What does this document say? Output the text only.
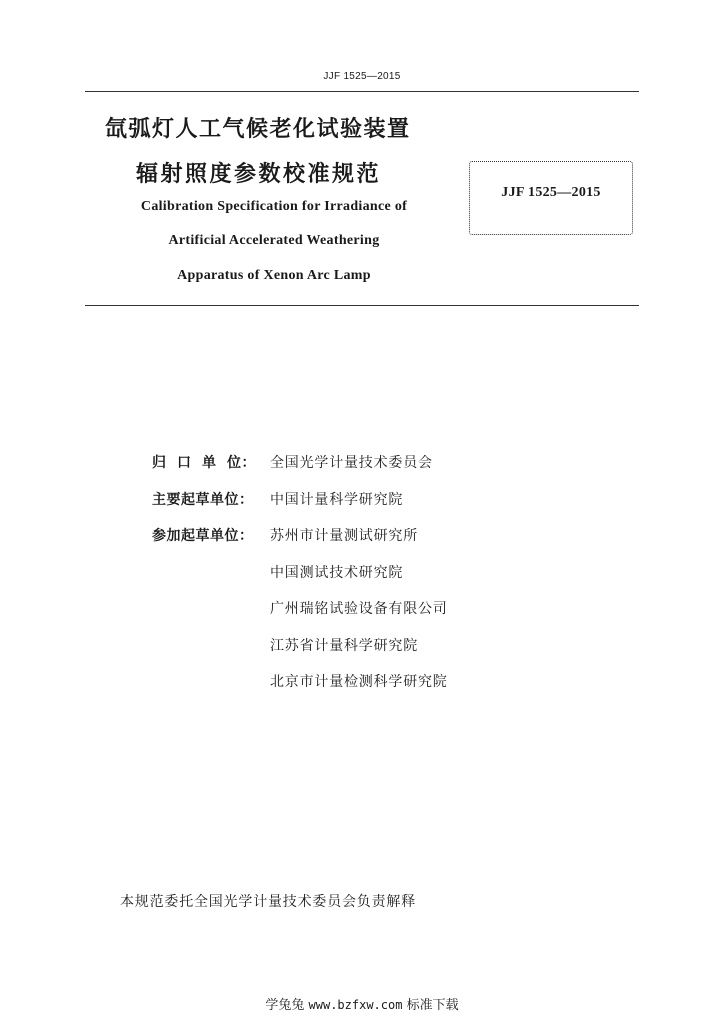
JJF 1525—2015
氙弧灯人工气候老化试验装置
辐射照度参数校准规范
Calibration Specification for Irradiance of
Artificial Accelerated Weathering
Apparatus of Xenon Arc Lamp
JJF 1525—2015
归 口 单 位： 全国光学计量技术委员会
主要起草单位：	中国计量科学研究院
参加起草单位：	苏州市计量测试研究所
中国测试技术研究院
广州瑞铭试验设备有限公司
江苏省计量科学研究院
北京市计量检测科学研究院
本规范委托全国光学计量技术委员会负责解释
学兔兔 www.bzfxw.com 标准下载
